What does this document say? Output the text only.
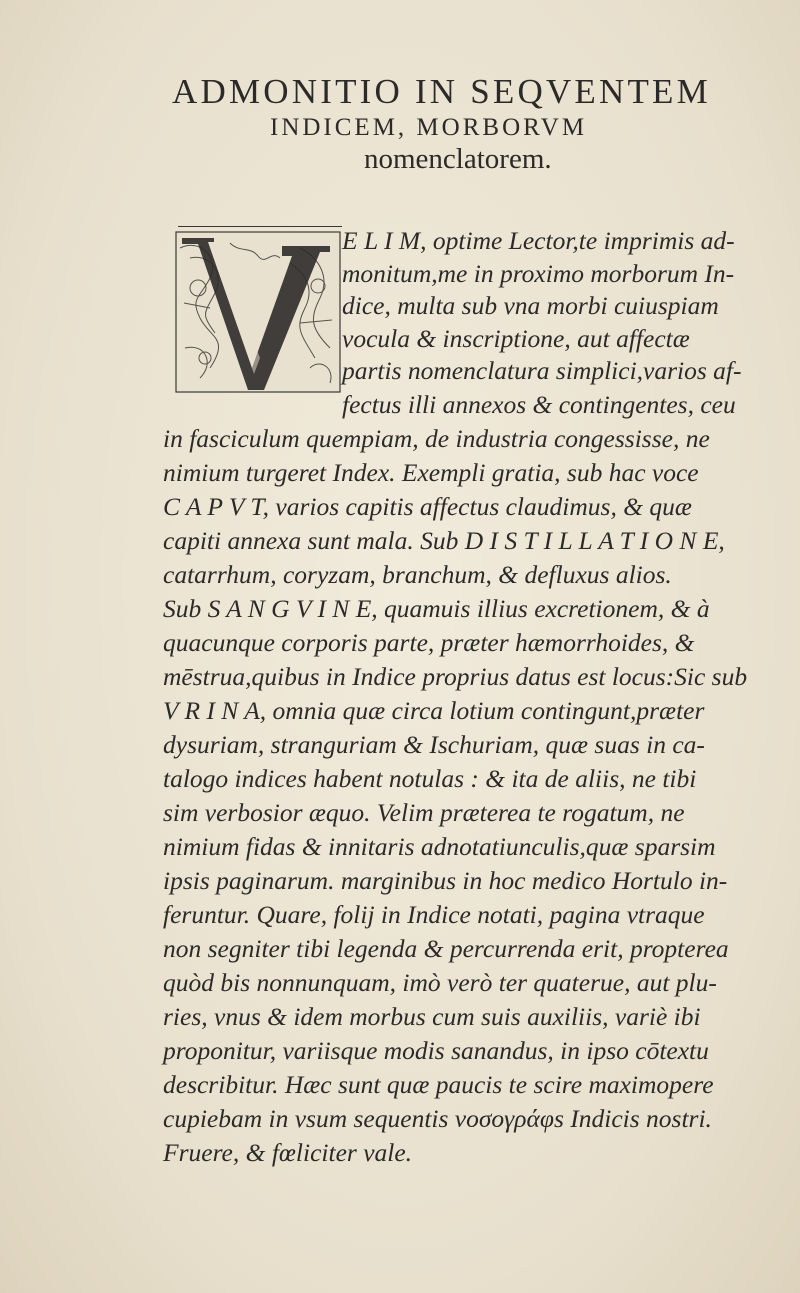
ADMONITIO IN SEQVENTEM
INDICEM, MORBORVM
nomenclatorem.
E L I M, optime Lector,te imprimis ad-
monitum,me in proximo morborum In-
dice, multa sub vna morbi cuiuspiam
vocula & inscriptione, aut affectæ
partis nomenclatura simplici,varios af-
fectus illi annexos & contingentes, ceu
in fasciculum quempiam, de industria congessisse, ne
nimium turgeret Index. Exempli gratia, sub hac voce
C A P V T, varios capitis affectus claudimus, & quæ
capiti annexa sunt mala. Sub D I S T I L L A T I O N E,
catarrhum, coryzam, branchum, & defluxus alios.
Sub S A N G V I N E, quamuis illius excretionem, & à
quacunque corporis parte, præter hæmorrhoides, &
mēstrua,quibus in Indice proprius datus est locus:Sic sub
V R I N A, omnia quæ circa lotium contingunt,præter
dysuriam, stranguriam & Ischuriam, quæ suas in ca-
talogo indices habent notulas : & ita de aliis, ne tibi
sim verbosior æquo. Velim præterea te rogatum, ne
nimium fidas & innitaris adnotatiunculis,quæ sparsim
ipsis paginarum. marginibus in hoc medico Hortulo in-
feruntur. Quare, folij in Indice notati, pagina vtraque
non segniter tibi legenda & percurrenda erit, propterea
quòd bis nonnunquam, imò verò ter quaterue, aut plu-
ries, vnus & idem morbus cum suis auxiliis, variè ibi
proponitur, variisque modis sanandus, in ipso cōtextu
describitur. Hæc sunt quæ paucis te scire maximopere
cupiebam in vsum sequentis νοσογράφs Indicis nostri.
Fruere, & fœliciter vale.
